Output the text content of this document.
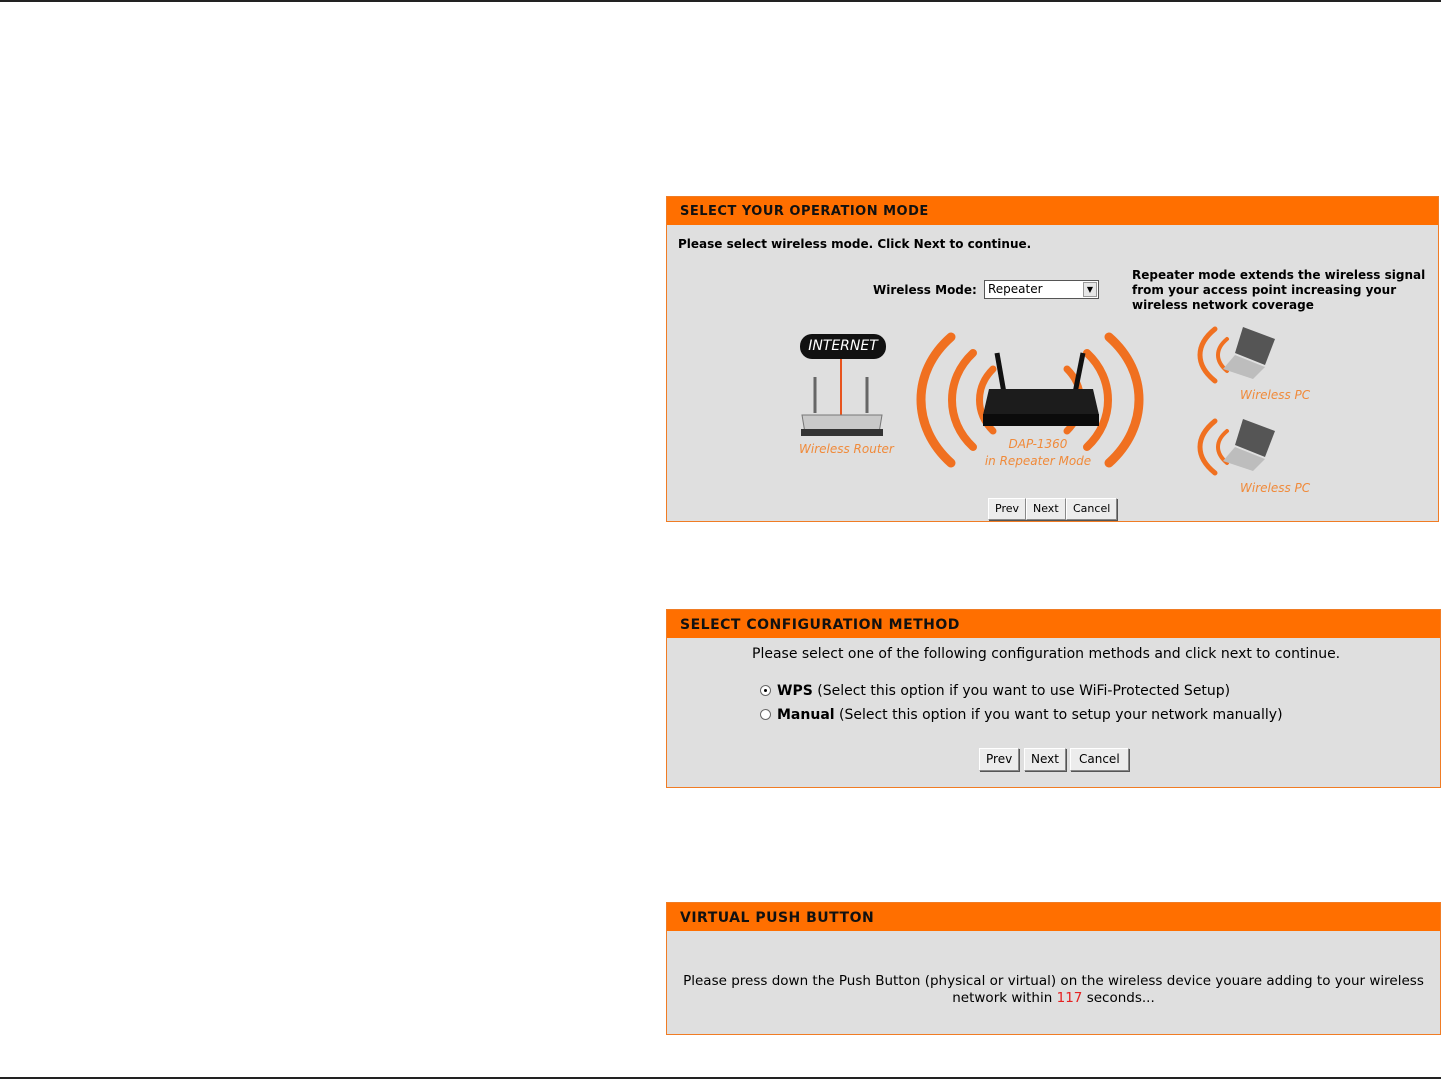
SELECT YOUR OPERATION MODE
Please select wireless mode. Click Next to continue.
Wireless Mode: Repeater	▼
Repeater mode extends the wireless signal from your access point increasing your wireless network coverage
INTERNET
Wireless Router	DAP-1360
in Repeater Mode
Wireless PC
Wireless PC
Prev	Next	Cancel
SELECT CONFIGURATION METHOD
Please select one of the following configuration methods and click next to continue.
WPS (Select this option if you want to use WiFi-Protected Setup)
Manual (Select this option if you want to setup your network manually)
Prev	Next	Cancel
VIRTUAL PUSH BUTTON
Please press down the Push Button (physical or virtual) on the wireless device youare adding to your wireless
network within 117 seconds...
